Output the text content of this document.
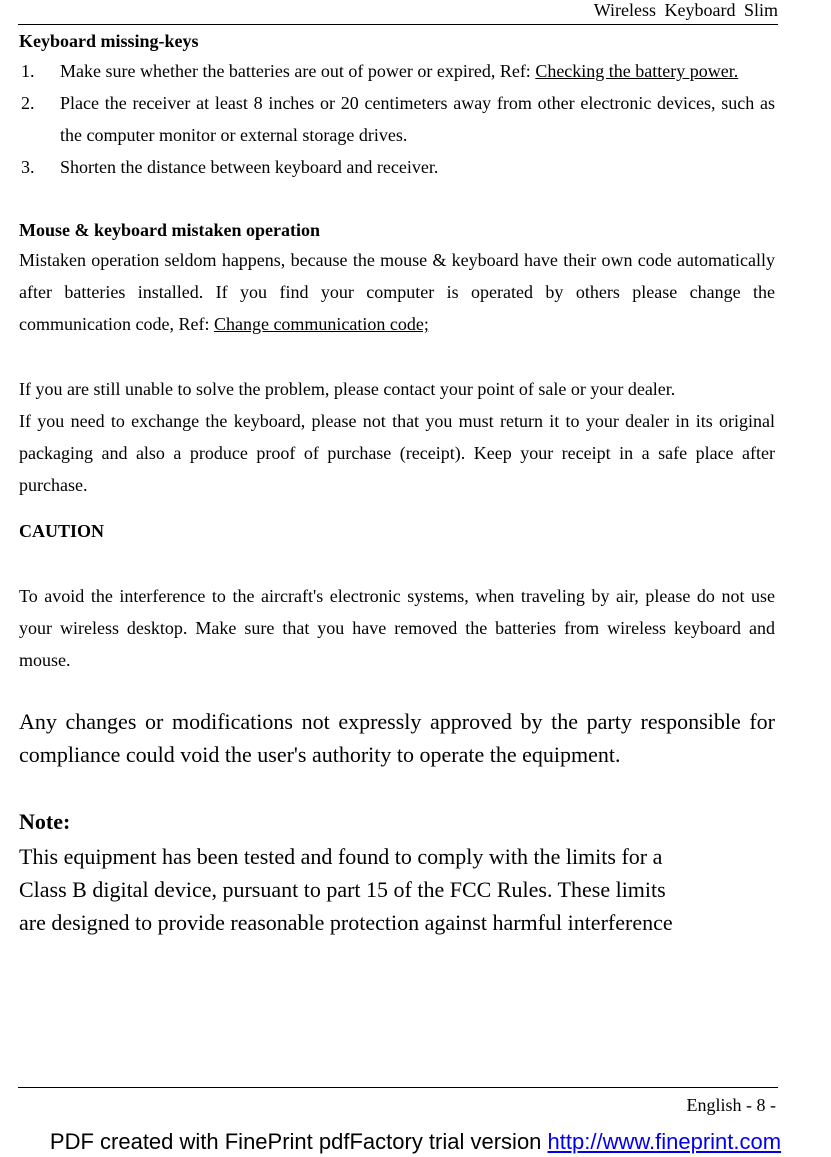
Wireless Keyboard Slim
Keyboard missing-keys
1. Make sure whether the batteries are out of power or expired, Ref: Checking the battery power.
2. Place the receiver at least 8 inches or 20 centimeters away from other electronic devices, such as the computer monitor or external storage drives.
3. Shorten the distance between keyboard and receiver.
Mouse & keyboard mistaken operation

Mistaken operation seldom happens, because the mouse & keyboard have their own code automatically after batteries installed. If you find your computer is operated by others please change the communication code, Ref: Change communication code;

If you are still unable to solve the problem, please contact your point of sale or your dealer.

If you need to exchange the keyboard, please not that you must return it to your dealer in its original packaging and also a produce proof of purchase (receipt). Keep your receipt in a safe place after purchase.

CAUTION

To avoid the interference to the aircraft's electronic systems, when traveling by air, please do not use your wireless desktop. Make sure that you have removed the batteries from wireless keyboard and mouse.

Any changes or modifications not expressly approved by the party responsible for compliance could void the user's authority to operate the equipment.

Note:
This equipment has been tested and found to comply with the limits for a
Class B digital device, pursuant to part 15 of the FCC Rules. These limits
are designed to provide reasonable protection against harmful interference
English - 8 -
PDF created with FinePrint pdfFactory trial version http://www.fineprint.com
